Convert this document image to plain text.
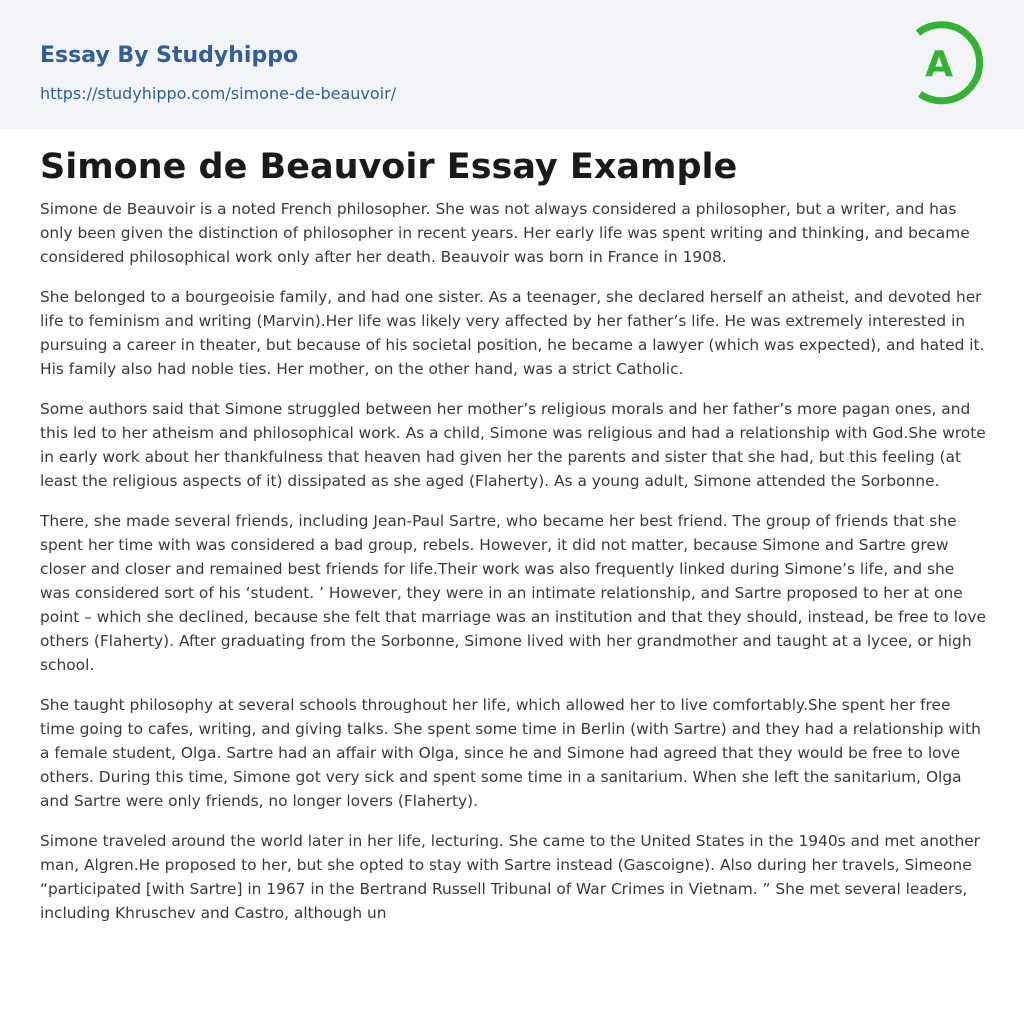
Essay By Studyhippo
https://studyhippo.com/simone-de-beauvoir/
A
Simone de Beauvoir Essay Example

Simone de Beauvoir is a noted French philosopher. She was not always considered a philosopher, but a writer, and has only been given the distinction of philosopher in recent years. Her early life was spent writing and thinking, and became considered philosophical work only after her death. Beauvoir was born in France in 1908.

She belonged to a bourgeoisie family, and had one sister. As a teenager, she declared herself an atheist, and devoted her life to feminism and writing (Marvin).Her life was likely very affected by her father’s life. He was extremely interested in pursuing a career in theater, but because of his societal position, he became a lawyer (which was expected), and hated it. His family also had noble ties. Her mother, on the other hand, was a strict Catholic.

Some authors said that Simone struggled between her mother’s religious morals and her father’s more pagan ones, and this led to her atheism and philosophical work. As a child, Simone was religious and had a relationship with God.She wrote in early work about her thankfulness that heaven had given her the parents and sister that she had, but this feeling (at least the religious aspects of it) dissipated as she aged (Flaherty). As a young adult, Simone attended the Sorbonne.

There, she made several friends, including Jean-Paul Sartre, who became her best friend. The group of friends that she spent her time with was considered a bad group, rebels. However, it did not matter, because Simone and Sartre grew closer and closer and remained best friends for life.Their work was also frequently linked during Simone’s life, and she was considered sort of his ‘student. ’ However, they were in an intimate relationship, and Sartre proposed to her at one point – which she declined, because she felt that marriage was an institution and that they should, instead, be free to love others (Flaherty). After graduating from the Sorbonne, Simone lived with her grandmother and taught at a lycee, or high school.

She taught philosophy at several schools throughout her life, which allowed her to live comfortably.She spent her free time going to cafes, writing, and giving talks. She spent some time in Berlin (with Sartre) and they had a relationship with a female student, Olga. Sartre had an affair with Olga, since he and Simone had agreed that they would be free to love others. During this time, Simone got very sick and spent some time in a sanitarium. When she left the sanitarium, Olga and Sartre were only friends, no longer lovers (Flaherty).

Simone traveled around the world later in her life, lecturing. She came to the United States in the 1940s and met another man, Algren.He proposed to her, but she opted to stay with Sartre instead (Gascoigne). Also during her travels, Simeone “participated [with Sartre] in 1967 in the Bertrand Russell Tribunal of War Crimes in Vietnam. ” She met several leaders, including Khruschev and Castro, although un
